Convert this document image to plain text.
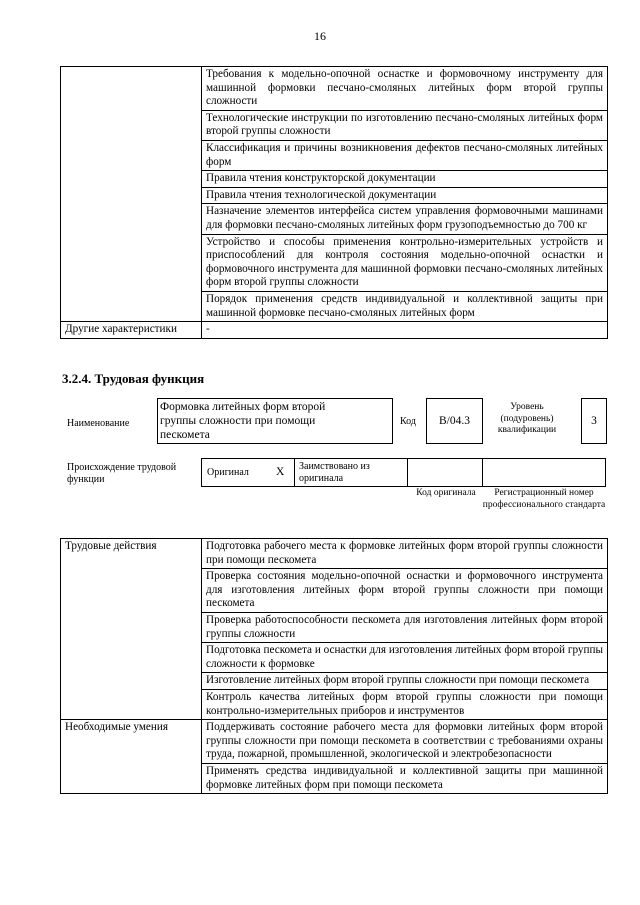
16
	Требования к модельно-опочной оснастке и формовочному инструменту для машинной формовки песчано-смоляных литейных форм второй группы сложности
	Технологические инструкции по изготовлению песчано-смоляных литейных форм второй группы сложности
	Классификация и причины возникновения дефектов песчано-смоляных литейных форм
	Правила чтения конструкторской документации
	Правила чтения технологической документации
	Назначение элементов интерфейса систем управления формовочными машинами для формовки песчано-смоляных литейных форм грузоподъемностью до 700 кг
	Устройство и способы применения контрольно-измерительных устройств и приспособлений для контроля состояния модельно-опочной оснастки и формовочного инструмента для машинной формовки песчано-смоляных литейных форм второй группы сложности
	Порядок применения средств индивидуальной и коллективной защиты при машинной формовке песчано-смоляных литейных форм
Другие характеристики	-
3.2.4. Трудовая функция
Наименование
Формовка литейных форм второй группы сложности при помощи пескомета
Код	B/04.3
Уровень (подуровень) квалификации
3
Происхождение трудовой функции
Оригинал X Заимствовано из оригинала
Код оригинала	Регистрационный номер профессионального стандарта
Трудовые действия	Подготовка рабочего места к формовке литейных форм второй группы сложности при помощи пескомета
	Проверка состояния модельно-опочной оснастки и формовочного инструмента для изготовления литейных форм второй группы сложности при помощи пескомета
	Проверка работоспособности пескомета для изготовления литейных форм второй группы сложности
	Подготовка пескомета и оснастки для изготовления литейных форм второй группы сложности к формовке
	Изготовление литейных форм второй группы сложности при помощи пескомета
	Контроль качества литейных форм второй группы сложности при помощи контрольно-измерительных приборов и инструментов
Необходимые умения	Поддерживать состояние рабочего места для формовки литейных форм второй группы сложности при помощи пескомета в соответствии с требованиями охраны труда, пожарной, промышленной, экологической и электробезопасности
	Применять средства индивидуальной и коллективной защиты при машинной формовке литейных форм при помощи пескомета
